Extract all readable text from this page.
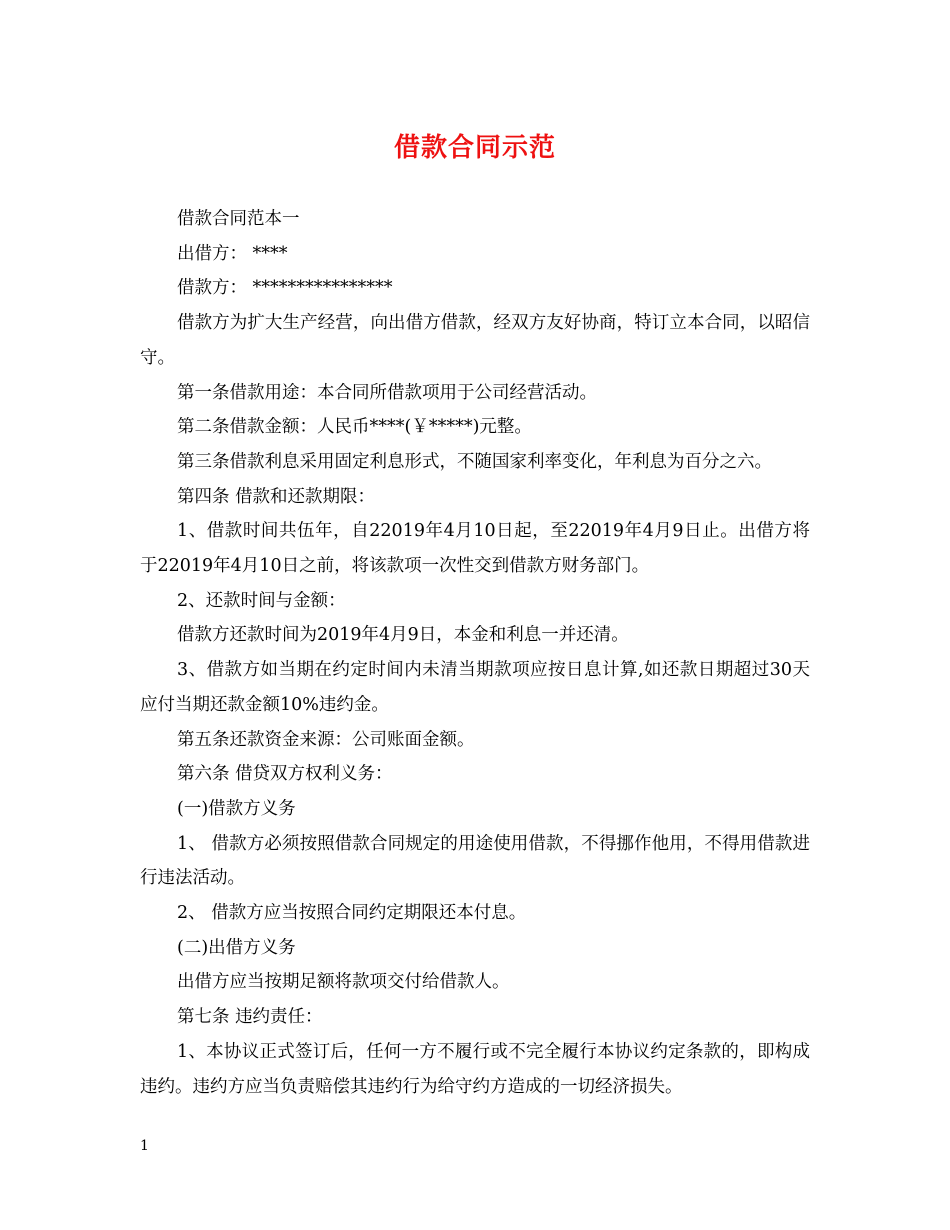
借款合同示范

借款合同范本一

出借方： ****

借款方： ****************

借款方为扩大生产经营，向出借方借款，经双方友好协商，特订立本合同，以昭信守。

第一条借款用途：本合同所借款项用于公司经营活动。

第二条借款金额：人民币****(￥*****)元整。

第三条借款利息采用固定利息形式，不随国家利率变化，年利息为百分之六。

第四条 借款和还款期限：

1、借款时间共伍年，自22019年4月10日起，至22019年4月9日止。出借方将于22019年4月10日之前，将该款项一次性交到借款方财务部门。

2、还款时间与金额：

借款方还款时间为2019年4月9日，本金和利息一并还清。

3、借款方如当期在约定时间内未清当期款项应按日息计算,如还款日期超过30天应付当期还款金额10%违约金。

第五条还款资金来源：公司账面金额。

第六条 借贷双方权利义务：

(一)借款方义务

1、 借款方必须按照借款合同规定的用途使用借款，不得挪作他用，不得用借款进行违法活动。

2、 借款方应当按照合同约定期限还本付息。

(二)出借方义务

出借方应当按期足额将款项交付给借款人。

第七条 违约责任：

1、本协议正式签订后，任何一方不履行或不完全履行本协议约定条款的，即构成违约。违约方应当负责赔偿其违约行为给守约方造成的一切经济损失。

1
